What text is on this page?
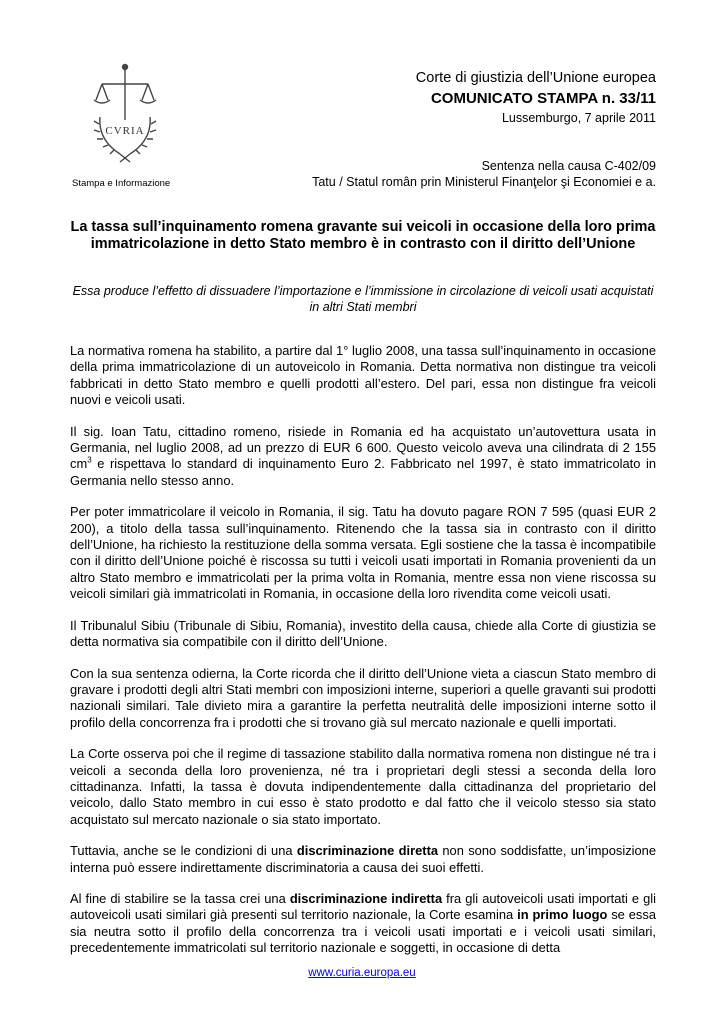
CVRIA
Stampa e Informazione
Corte di giustizia dell’Unione europea
COMUNICATO STAMPA n. 33/11
Lussemburgo, 7 aprile 2011
Sentenza nella causa C-402/09
Tatu / Statul român prin Ministerul Finanţelor şi Economiei e a.
La tassa sull’inquinamento romena gravante sui veicoli in occasione della loro prima immatricolazione in detto Stato membro è in contrasto con il diritto dell’Unione
Essa produce l’effetto di dissuadere l’importazione e l’immissione in circolazione di veicoli usati acquistati in altri Stati membri

La normativa romena ha stabilito, a partire dal 1° luglio 2008, una tassa sull’inquinamento in occasione della prima immatricolazione di un autoveicolo in Romania. Detta normativa non distingue tra veicoli fabbricati in detto Stato membro e quelli prodotti all’estero. Del pari, essa non distingue fra veicoli nuovi e veicoli usati.

Il sig. Ioan Tatu, cittadino romeno, risiede in Romania ed ha acquistato un’autovettura usata in Germania, nel luglio 2008, ad un prezzo di EUR 6 600. Questo veicolo aveva una cilindrata di 2 155 $cm^3$ e rispettava lo standard di inquinamento Euro 2. Fabbricato nel 1997, è stato immatricolato in Germania nello stesso anno.

Per poter immatricolare il veicolo in Romania, il sig. Tatu ha dovuto pagare RON 7 595 (quasi EUR 2 200), a titolo della tassa sull’inquinamento. Ritenendo che la tassa sia in contrasto con il diritto dell’Unione, ha richiesto la restituzione della somma versata. Egli sostiene che la tassa è incompatibile con il diritto dell’Unione poiché è riscossa su tutti i veicoli usati importati in Romania provenienti da un altro Stato membro e immatricolati per la prima volta in Romania, mentre essa non viene riscossa su veicoli similari già immatricolati in Romania, in occasione della loro rivendita come veicoli usati.

Il Tribunalul Sibiu (Tribunale di Sibiu, Romania), investito della causa, chiede alla Corte di giustizia se detta normativa sia compatibile con il diritto dell’Unione.

Con la sua sentenza odierna, la Corte ricorda che il diritto dell’Unione vieta a ciascun Stato membro di gravare i prodotti degli altri Stati membri con imposizioni interne, superiori a quelle gravanti sui prodotti nazionali similari. Tale divieto mira a garantire la perfetta neutralità delle imposizioni interne sotto il profilo della concorrenza fra i prodotti che si trovano già sul mercato nazionale e quelli importati.

La Corte osserva poi che il regime di tassazione stabilito dalla normativa romena non distingue né tra i veicoli a seconda della loro provenienza, né tra i proprietari degli stessi a seconda della loro cittadinanza. Infatti, la tassa è dovuta indipendentemente dalla cittadinanza del proprietario del veicolo, dallo Stato membro in cui esso è stato prodotto e dal fatto che il veicolo stesso sia stato acquistato sul mercato nazionale o sia stato importato.

Tuttavia, anche se le condizioni di una discriminazione diretta non sono soddisfatte, un’imposizione interna può essere indirettamente discriminatoria a causa dei suoi effetti.

Al fine di stabilire se la tassa crei una discriminazione indiretta fra gli autoveicoli usati importati e gli autoveicoli usati similari già presenti sul territorio nazionale, la Corte esamina in primo luogo se essa sia neutra sotto il profilo della concorrenza tra i veicoli usati importati e i veicoli usati similari, precedentemente immatricolati sul territorio nazionale e soggetti, in occasione di detta

www.curia.europa.eu
